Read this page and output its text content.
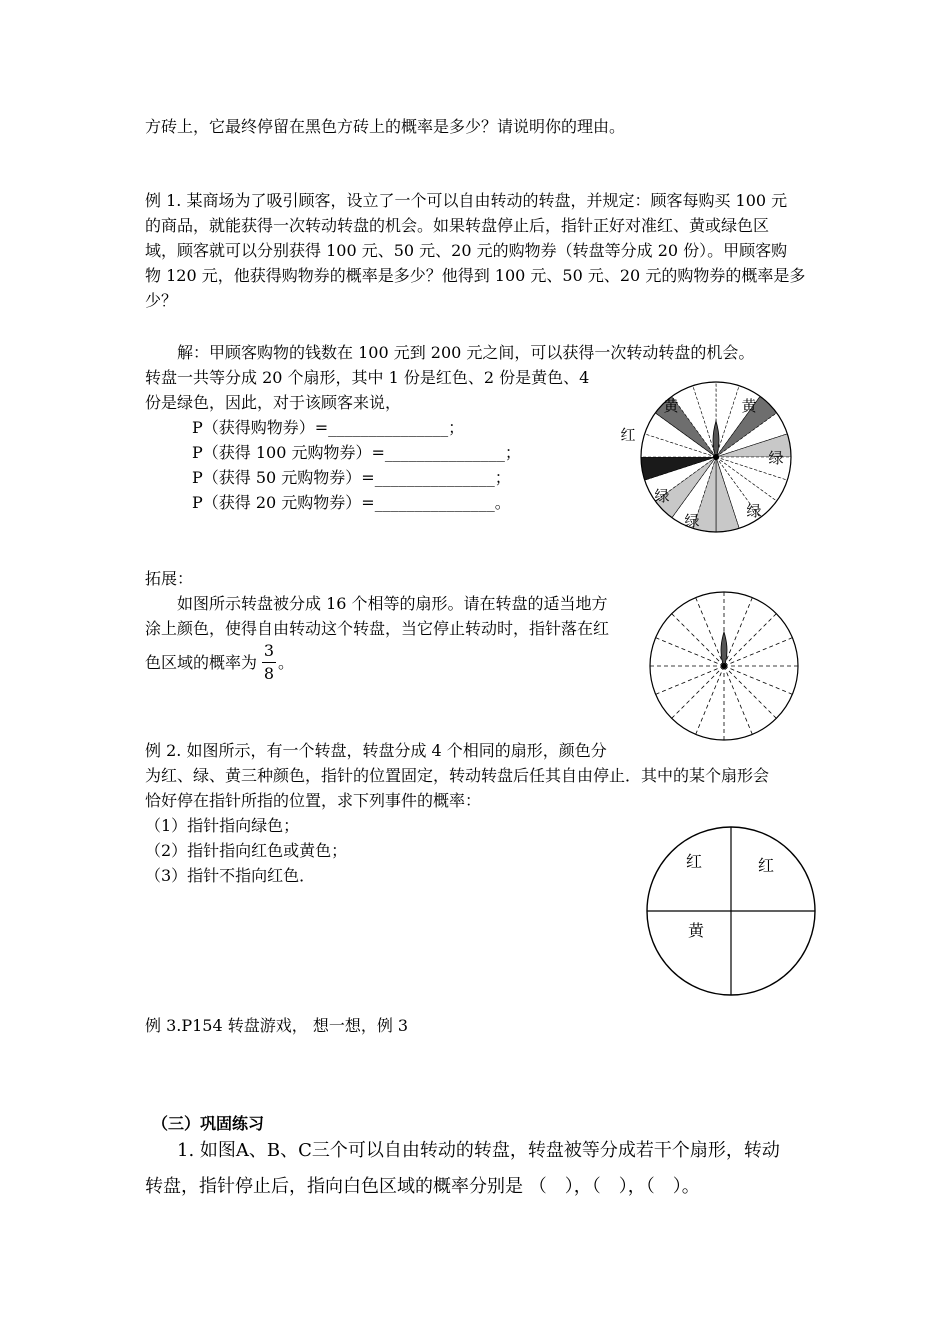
方砖上，它最终停留在黑色方砖上的概率是多少？请说明你的理由。
例 1. 某商场为了吸引顾客，设立了一个可以自由转动的转盘，并规定：顾客每购买 100 元
的商品，就能获得一次转动转盘的机会。如果转盘停止后，指针正好对准红、黄或绿色区
域，顾客就可以分别获得 100 元、50 元、20 元的购物券（转盘等分成 20 份）。甲顾客购
物 120 元，他获得购物券的概率是多少？他得到 100 元、50 元、20 元的购物券的概率是多
少？
解：甲顾客购物的钱数在 100 元到 200 元之间，可以获得一次转动转盘的机会。
转盘一共等分成 20 个扇形，其中 1 份是红色、2 份是黄色、4
份是绿色，因此，对于该顾客来说，
P（获得购物券）=_______________；
P（获得 100 元购物券）=_______________；
P（获得 50 元购物券）=_______________；
P（获得 20 元购物券）=_______________。
黄	黄
红
绿
绿
绿
绿
拓展：
如图所示转盘被分成 16 个相等的扇形。请在转盘的适当地方
涂上颜色，使得自由转动这个转盘，当它停止转动时，指针落在红
色区域的概率为
3
8
。
例 2. 如图所示，有一个转盘，转盘分成 4 个相同的扇形，颜色分
为红、绿、黄三种颜色，指针的位置固定，转动转盘后任其自由停止．其中的某个扇形会
恰好停在指针所指的位置，求下列事件的概率：
（1）指针指向绿色；
（2）指针指向红色或黄色；
（3）指针不指向红色．
红	红
黄
例 3.P154 转盘游戏， 想一想，例 3
（三）巩固练习
1. 如图A、B、C三个可以自由转动的转盘，转盘被等分成若干个扇形，转动
转盘，指针停止后，指向白色区域的概率分别是 （　），（　），（　）。
